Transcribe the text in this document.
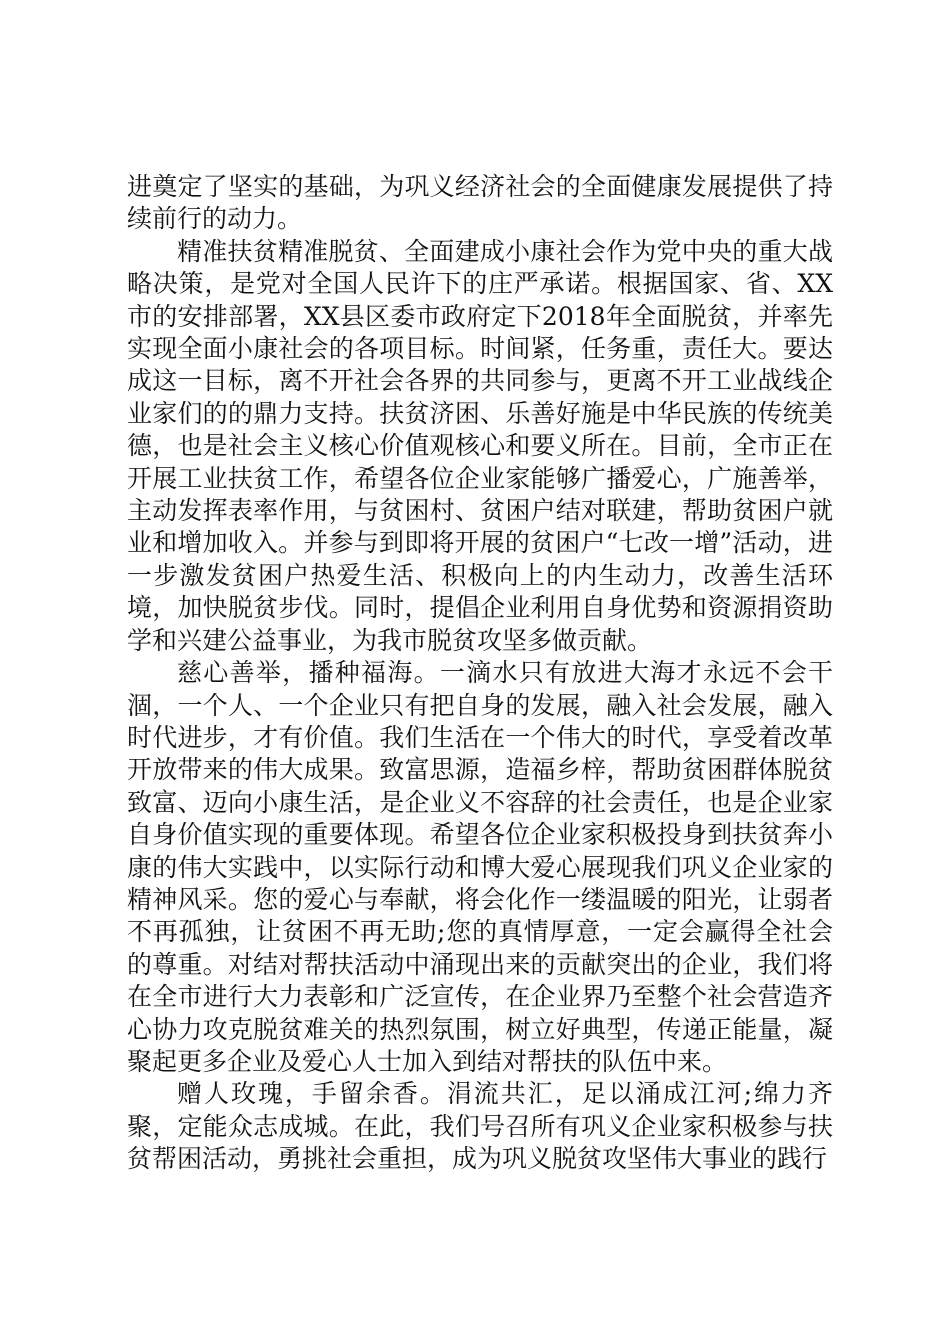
进奠定了坚实的基础，为巩义经济社会的全面健康发展提供了持续前行的动力。

精准扶贫精准脱贫、全面建成小康社会作为党中央的重大战略决策，是党对全国人民许下的庄严承诺。根据国家、省、XX市的安排部署，XX县区委市政府定下2018年全面脱贫，并率先实现全面小康社会的各项目标。时间紧，任务重，责任大。要达成这一目标，离不开社会各界的共同参与，更离不开工业战线企业家们的的鼎力支持。扶贫济困、乐善好施是中华民族的传统美德，也是社会主义核心价值观核心和要义所在。目前，全市正在开展工业扶贫工作，希望各位企业家能够广播爱心，广施善举，主动发挥表率作用，与贫困村、贫困户结对联建，帮助贫困户就业和增加收入。并参与到即将开展的贫困户“七改一增”活动，进一步激发贫困户热爱生活、积极向上的内生动力，改善生活环境，加快脱贫步伐。同时，提倡企业利用自身优势和资源捐资助学和兴建公益事业，为我市脱贫攻坚多做贡献。

慈心善举，播种福海。一滴水只有放进大海才永远不会干涸，一个人、一个企业只有把自身的发展，融入社会发展，融入时代进步，才有价值。我们生活在一个伟大的时代，享受着改革开放带来的伟大成果。致富思源，造福乡梓，帮助贫困群体脱贫致富、迈向小康生活，是企业义不容辞的社会责任，也是企业家自身价值实现的重要体现。希望各位企业家积极投身到扶贫奔小康的伟大实践中，以实际行动和博大爱心展现我们巩义企业家的精神风采。您的爱心与奉献，将会化作一缕温暖的阳光，让弱者不再孤独，让贫困不再无助;您的真情厚意，一定会赢得全社会的尊重。对结对帮扶活动中涌现出来的贡献突出的企业，我们将在全市进行大力表彰和广泛宣传，在企业界乃至整个社会营造齐心协力攻克脱贫难关的热烈氛围，树立好典型，传递正能量，凝聚起更多企业及爱心人士加入到结对帮扶的队伍中来。

赠人玫瑰，手留余香。涓流共汇，足以涌成江河;绵力齐聚，定能众志成城。在此，我们号召所有巩义企业家积极参与扶贫帮困活动，勇挑社会重担，成为巩义脱贫攻坚伟大事业的践行
